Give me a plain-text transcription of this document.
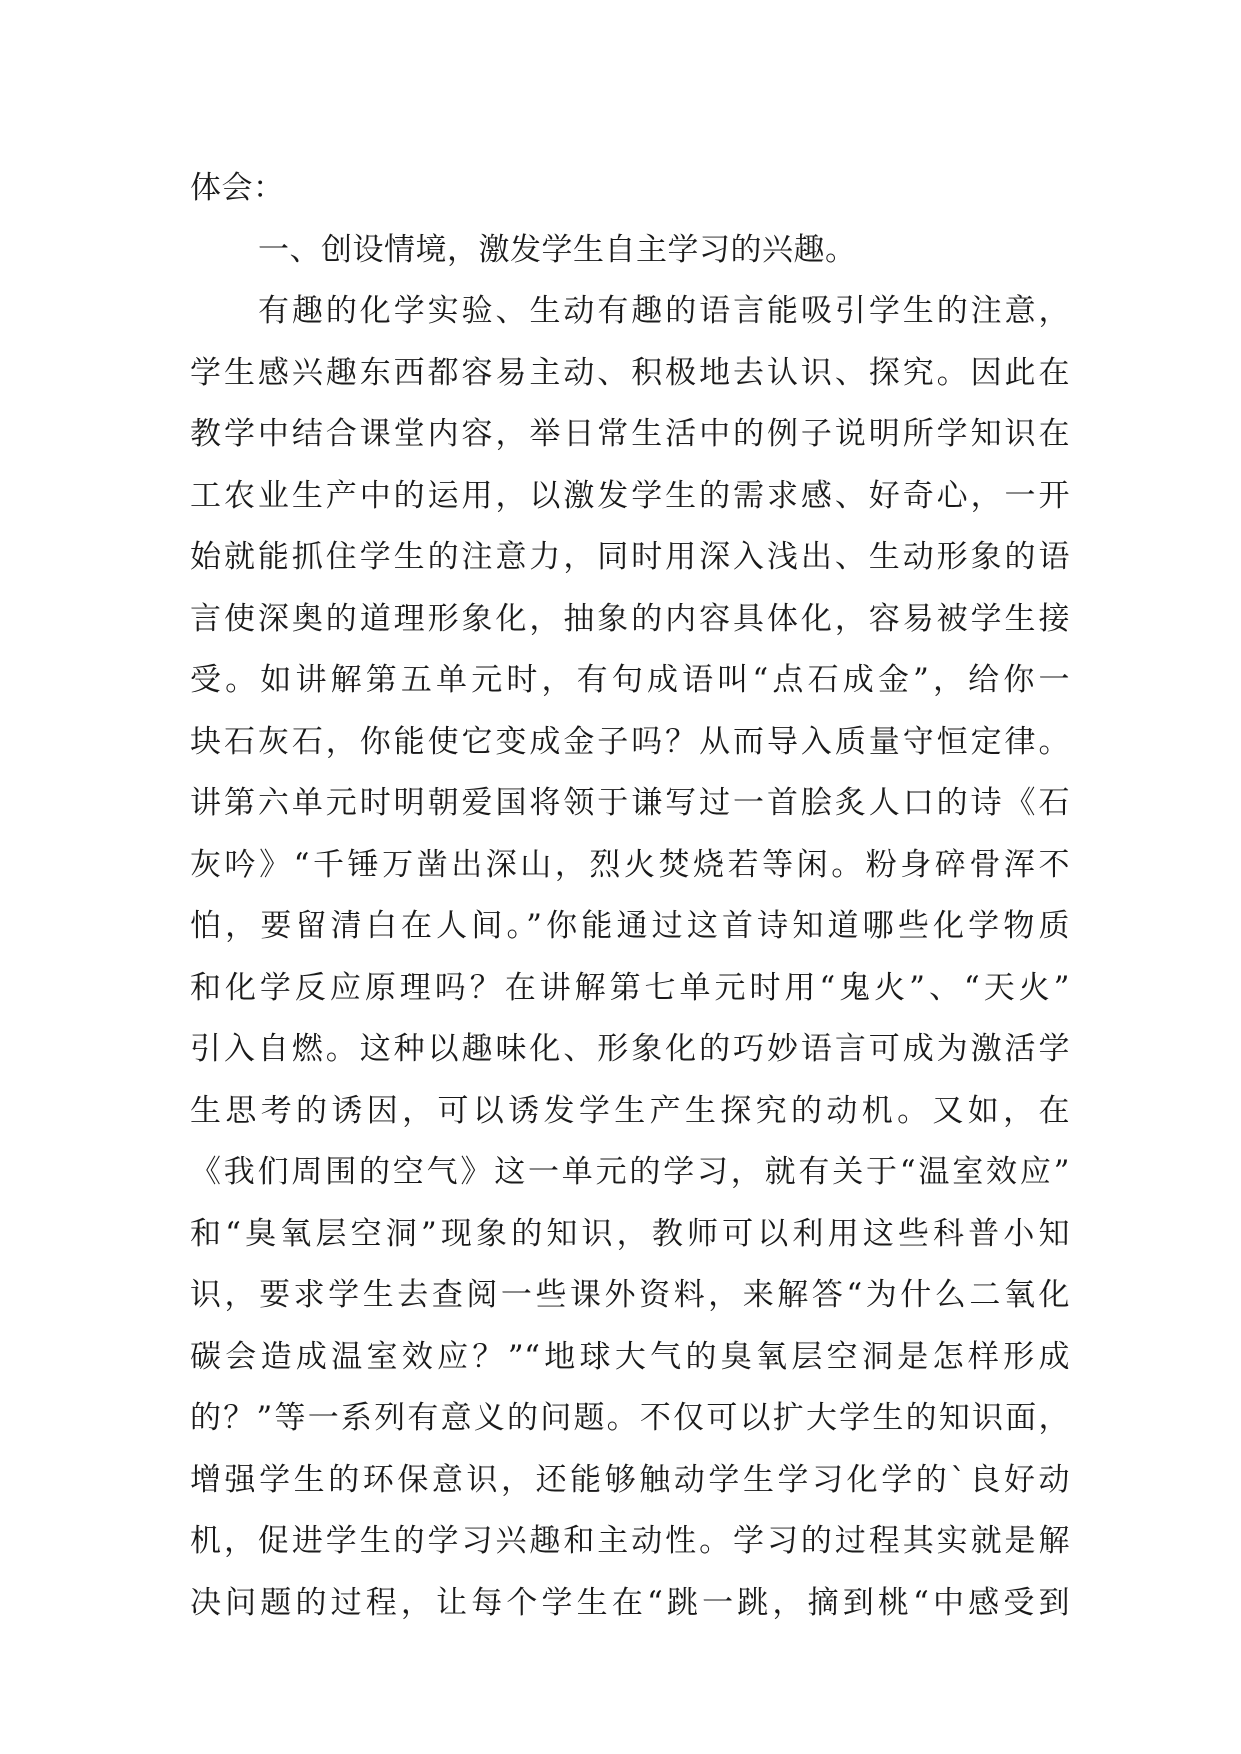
体会：
一、创设情境，激发学生自主学习的兴趣。
有趣的化学实验、生动有趣的语言能吸引学生的注意，
学生感兴趣东西都容易主动、积极地去认识、探究。因此在
教学中结合课堂内容，举日常生活中的例子说明所学知识在
工农业生产中的运用，以激发学生的需求感、好奇心，一开
始就能抓住学生的注意力，同时用深入浅出、生动形象的语
言使深奥的道理形象化，抽象的内容具体化，容易被学生接
受。如讲解第五单元时，有句成语叫“点石成金”，给你一
块石灰石，你能使它变成金子吗？从而导入质量守恒定律。
讲第六单元时明朝爱国将领于谦写过一首脍炙人口的诗《石
灰吟》“千锤万凿出深山，烈火焚烧若等闲。粉身碎骨浑不
怕，要留清白在人间。”你能通过这首诗知道哪些化学物质
和化学反应原理吗？在讲解第七单元时用“鬼火”、“天火”
引入自燃。这种以趣味化、形象化的巧妙语言可成为激活学
生思考的诱因，可以诱发学生产生探究的动机。又如，在
《我们周围的空气》这一单元的学习，就有关于“温室效应”
和“臭氧层空洞”现象的知识，教师可以利用这些科普小知
识，要求学生去查阅一些课外资料，来解答“为什么二氧化
碳会造成温室效应？”“地球大气的臭氧层空洞是怎样形成
的？”等一系列有意义的问题。不仅可以扩大学生的知识面，
增强学生的环保意识，还能够触动学生学习化学的`良好动
机，促进学生的学习兴趣和主动性。学习的过程其实就是解
决问题的过程，让每个学生在“跳一跳，摘到桃“中感受到
